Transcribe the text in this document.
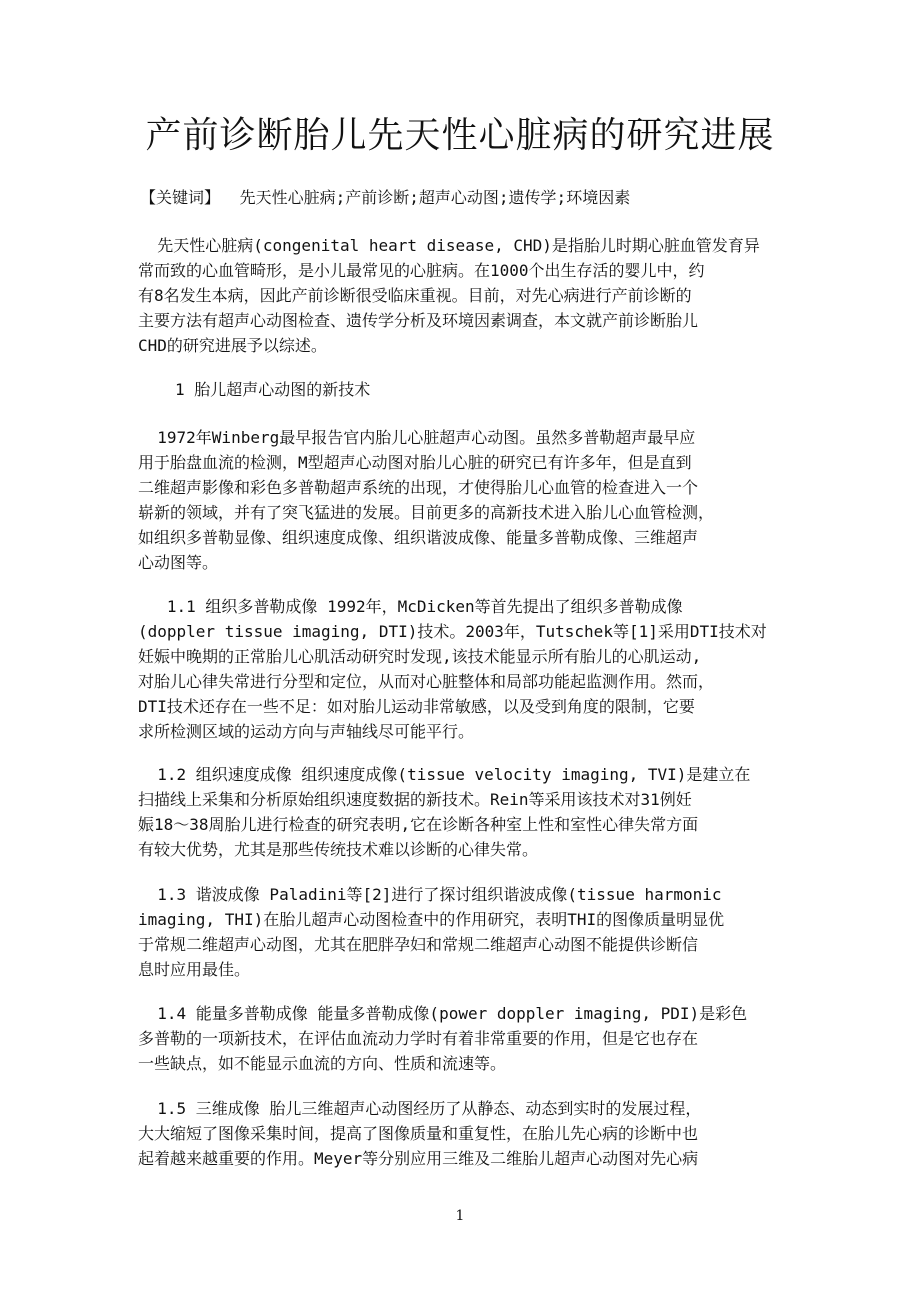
产前诊断胎儿先天性心脏病的研究进展
【关键词】 先天性心脏病;产前诊断;超声心动图;遗传学;环境因素

先天性心脏病(congenital heart disease, CHD)是指胎儿时期心脏血管发育异
常而致的心血管畸形，是小儿最常见的心脏病。在1000个出生存活的婴儿中，约
有8名发生本病，因此产前诊断很受临床重视。目前，对先心病进行产前诊断的
主要方法有超声心动图检查、遗传学分析及环境因素调查，本文就产前诊断胎儿
CHD的研究进展予以综述。

1 胎儿超声心动图的新技术

1972年Winberg最早报告官内胎儿心脏超声心动图。虽然多普勒超声最早应
用于胎盘血流的检测，M型超声心动图对胎儿心脏的研究已有许多年，但是直到
二维超声影像和彩色多普勒超声系统的出现，才使得胎儿心血管的检查进入一个
崭新的领域，并有了突飞猛进的发展。目前更多的高新技术进入胎儿心血管检测，
如组织多普勒显像、组织速度成像、组织谐波成像、能量多普勒成像、三维超声
心动图等。

1.1 组织多普勒成像 1992年，McDicken等首先提出了组织多普勒成像
(doppler tissue imaging, DTI)技术。2003年，Tutschek等[1]采用DTI技术对
妊娠中晚期的正常胎儿心肌活动研究时发现,该技术能显示所有胎儿的心肌运动,
对胎儿心律失常进行分型和定位，从而对心脏整体和局部功能起监测作用。然而，
DTI技术还存在一些不足：如对胎儿运动非常敏感，以及受到角度的限制，它要
求所检测区域的运动方向与声轴线尽可能平行。

1.2 组织速度成像 组织速度成像(tissue velocity imaging, TVI)是建立在
扫描线上采集和分析原始组织速度数据的新技术。Rein等采用该技术对31例妊
娠18～38周胎儿进行检查的研究表明,它在诊断各种室上性和室性心律失常方面
有较大优势，尤其是那些传统技术难以诊断的心律失常。

1.3 谐波成像 Paladini等[2]进行了探讨组织谐波成像(tissue harmonic
imaging, THI)在胎儿超声心动图检查中的作用研究，表明THI的图像质量明显优
于常规二维超声心动图，尤其在肥胖孕妇和常规二维超声心动图不能提供诊断信
息时应用最佳。

1.4 能量多普勒成像 能量多普勒成像(power doppler imaging, PDI)是彩色
多普勒的一项新技术，在评估血流动力学时有着非常重要的作用，但是它也存在
一些缺点，如不能显示血流的方向、性质和流速等。

1.5 三维成像 胎儿三维超声心动图经历了从静态、动态到实时的发展过程，
大大缩短了图像采集时间，提高了图像质量和重复性，在胎儿先心病的诊断中也
起着越来越重要的作用。Meyer等分别应用三维及二维胎儿超声心动图对先心病

1
